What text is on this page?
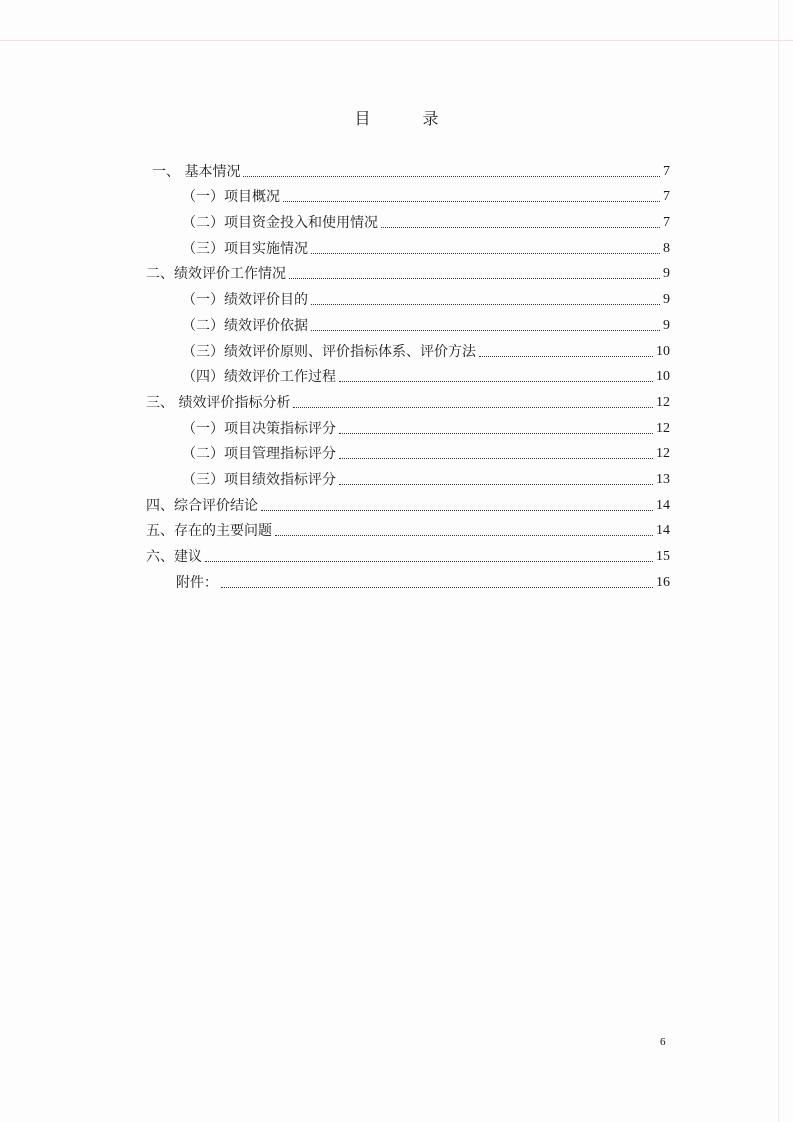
目	录
一、 基本情况	7
（一）项目概况	7
（二）项目资金投入和使用情况	7
（三）项目实施情况	8
二、绩效评价工作情况	9
（一）绩效评价目的	9
（二）绩效评价依据	9
（三）绩效评价原则、评价指标体系、评价方法	10
（四）绩效评价工作过程	10
三、 绩效评价指标分析	12
（一）项目决策指标评分	12
（二）项目管理指标评分	12
（三）项目绩效指标评分	13
四、综合评价结论	14
五、存在的主要问题	14
六、建议	15
附件：	16
6
